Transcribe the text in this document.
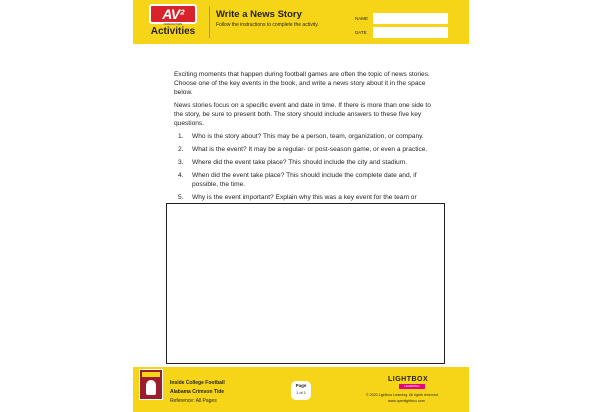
AV²
NONFICTION
Activities
Write a News Story
Follow the instructions to complete the activity.
NAME
DATE

Exciting moments that happen during football games are often the topic of news stories. Choose one of the key events in the book, and write a news story about it in the space below.

News stories focus on a specific event and date in time. If there is more than one side to the story, be sure to present both. The story should include answers to these five key questions.

1. Who is the story about? This may be a person, team, organization, or company.
2. What is the event? It may be a regular- or post-season game, or even a practice.
3. Where did the event take place? This should include the city and stadium.
4. When did the event take place? This should include the complete date and, if possible, the time.
5. Why is the event important? Explain why this was a key event for the team or
Inside College Football
Alabama Crimson Tide
Reference: All Pages
Page
1 of 1
LIGHTBOX
LEARNING
© 2020 Lightbox Learning. All rights reserved.
www.openlightbox.com
